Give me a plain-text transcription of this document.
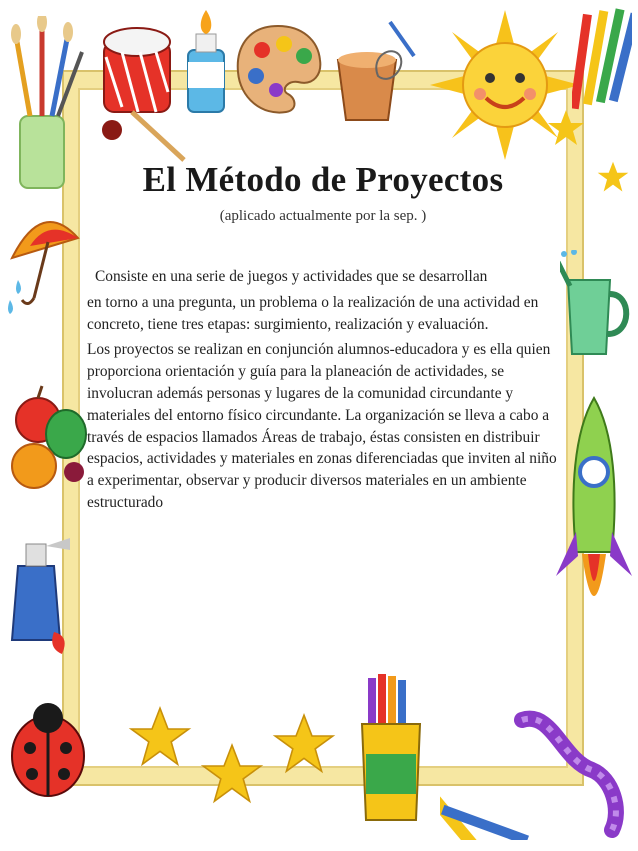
El Método de Proyectos
(aplicado actualmente por la sep. )

Consiste en una serie de juegos y actividades que se desarrollan

en torno a una pregunta, un problema o la realización de una actividad en concreto, tiene tres etapas: surgimiento, realización y evaluación.

Los proyectos se realizan en conjunción alumnos-educadora y es ella quien proporciona orientación y guía para la planeación de actividades, se involucran además personas y lugares de la comunidad circundante y materiales del entorno físico circundante. La organización se lleva a cabo a través de espacios llamados Áreas de trabajo, éstas consisten en distribuir espacios, actividades y materiales en zonas diferenciadas que inviten al niño a experimentar, observar y producir diversos materiales en un ambiente estructurado
